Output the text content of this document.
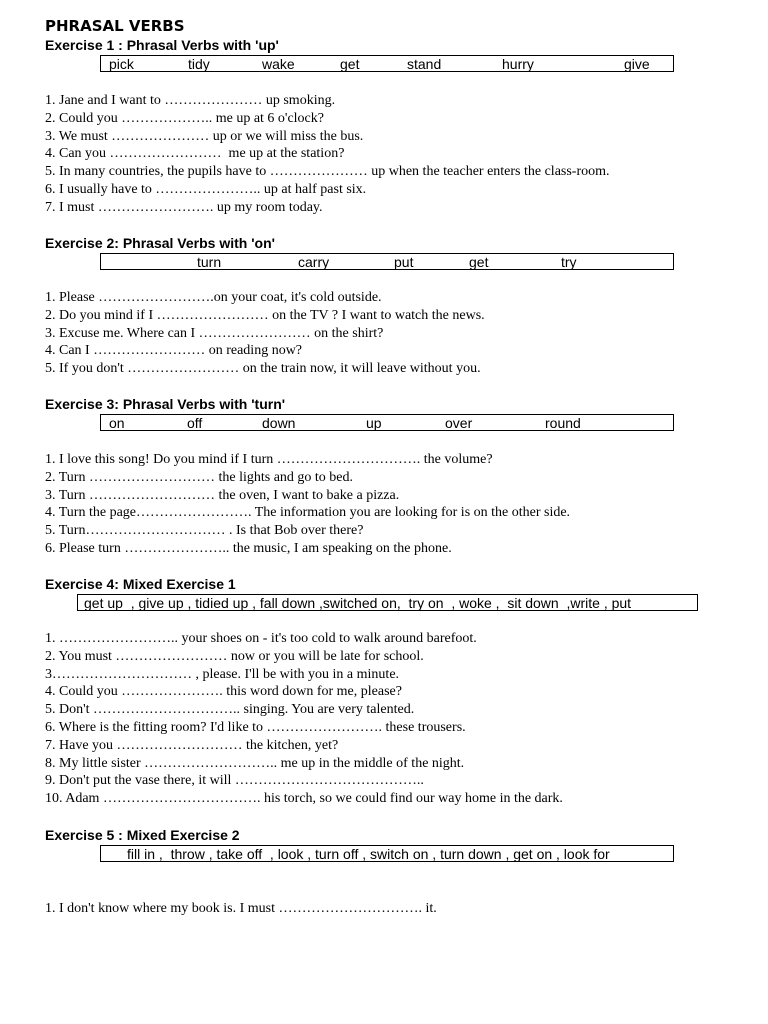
PHRASAL VERBS
Exercise 1 : Phrasal Verbs with 'up'
pick	tidy	wake	get	stand	hurry	give
1. Jane and I want to ………………… up smoking.
2. Could you ……………….. me up at 6 o'clock?
3. We must ………………… up or we will miss the bus.
4. Can you ……………………  me up at the station?
5. In many countries, the pupils have to ………………… up when the teacher enters the class-room.
6. I usually have to ………………….. up at half past six.
7. I must ……………………. up my room today.
Exercise 2: Phrasal Verbs with 'on'
turn	carry	put	get	try
1. Please …………………….on your coat, it's cold outside.
2. Do you mind if I …………………… on the TV ? I want to watch the news.
3. Excuse me. Where can I …………………… on the shirt?
4. Can I …………………… on reading now?
5. If you don't …………………… on the train now, it will leave without you.
Exercise 3: Phrasal Verbs with 'turn'
on	off	down	up	over	round
1. I love this song! Do you mind if I turn …………………………. the volume?
2. Turn ……………………… the lights and go to bed.
3. Turn ……………………… the oven, I want to bake a pizza.
4. Turn the page……………………. The information you are looking for is on the other side.
5. Turn………………………… . Is that Bob over there?
6. Please turn ………………….. the music, I am speaking on the phone.
Exercise 4: Mixed Exercise 1
get up  , give up , tidied up , fall down ,switched on,  try on  , woke ,  sit down  ,write , put
1. …………………….. your shoes on - it's too cold to walk around barefoot.
2. You must …………………… now or you will be late for school.
3………………………… , please. I'll be with you in a minute.
4. Could you …………………. this word down for me, please?
5. Don't ………………………….. singing. You are very talented.
6. Where is the fitting room? I'd like to ……………………. these trousers.
7. Have you ……………………… the kitchen, yet?
8. My little sister ……………………….. me up in the middle of the night.
9. Don't put the vase there, it will …………………………………..
10. Adam ……………………………. his torch, so we could find our way home in the dark.
Exercise 5 : Mixed Exercise 2
fill in ,  throw , take off  , look , turn off , switch on , turn down , get on , look for
1. I don't know where my book is. I must …………………………. it.
